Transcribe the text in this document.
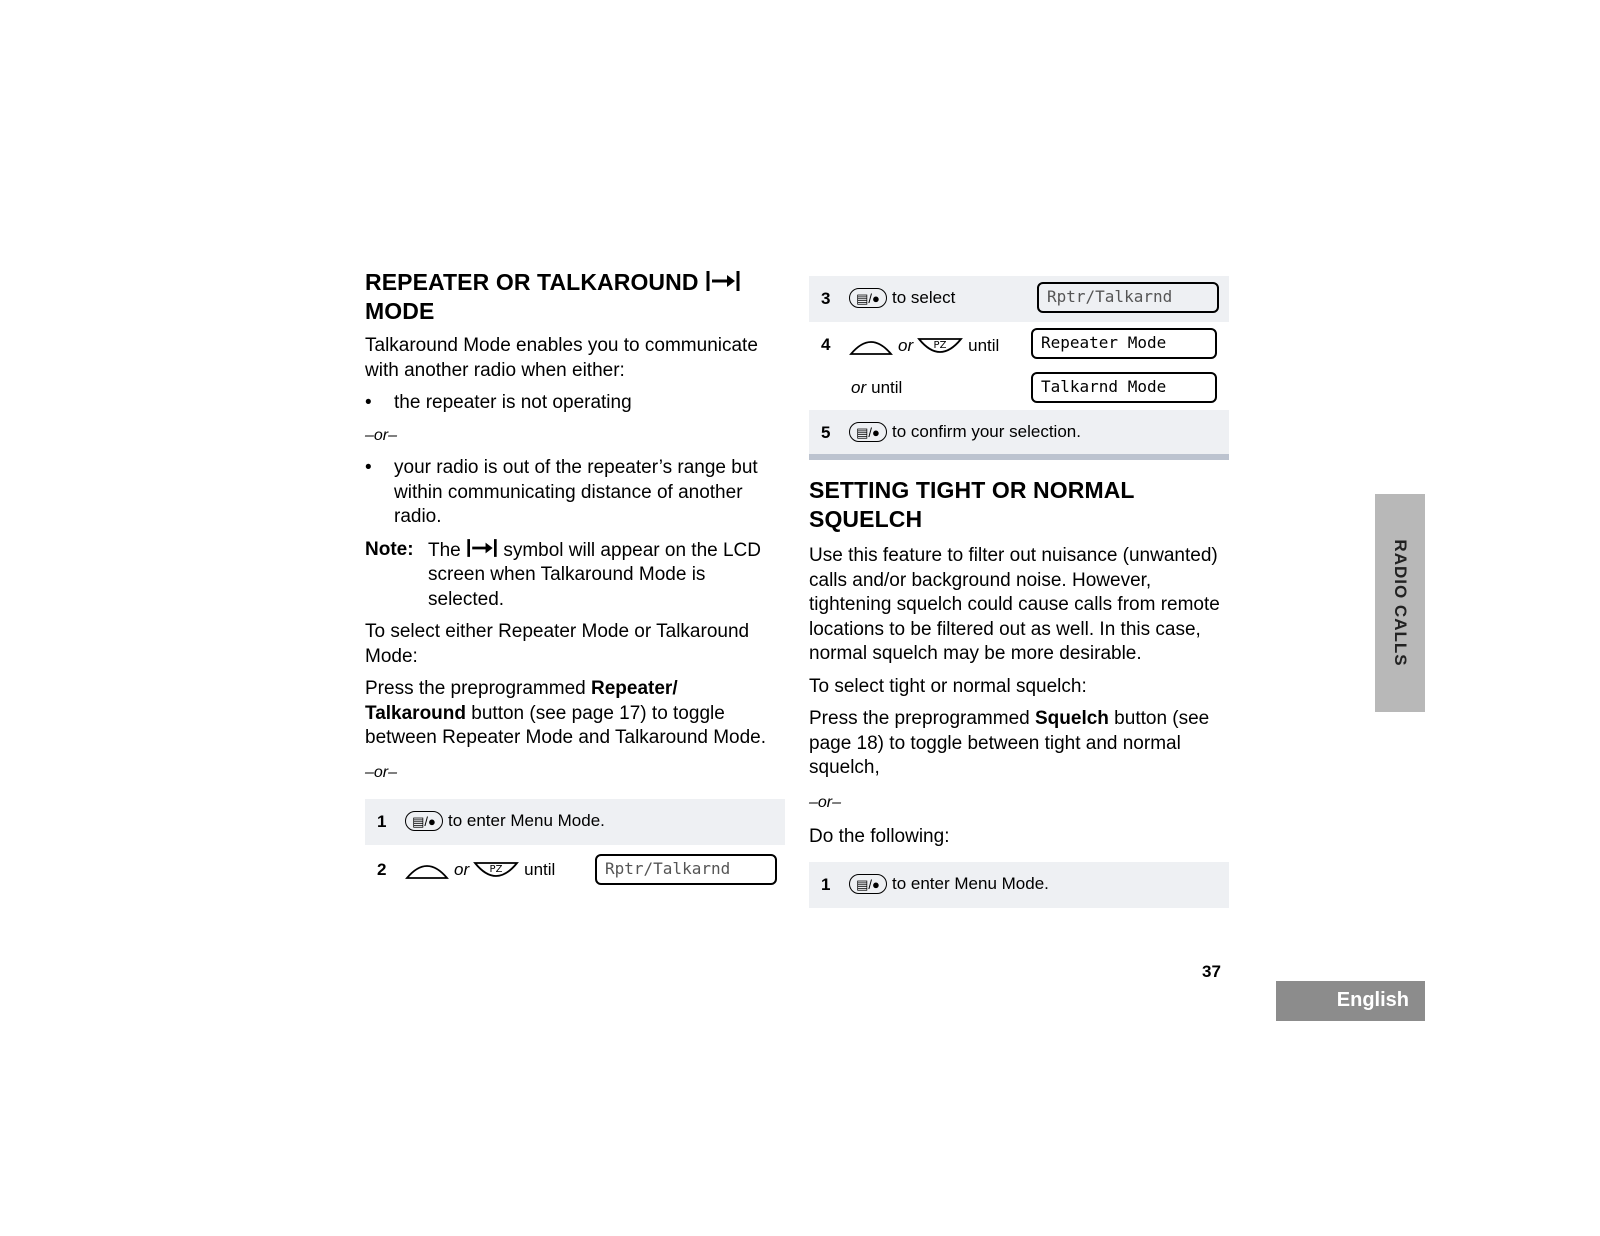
REPEATER OR TALKAROUND
MODE

Talkaround Mode enables you to communicate with another radio when either:

• the repeater is not operating

–or–

• your radio is out of the repeater’s range but within communicating distance of another radio.
Note: The symbol will appear on the LCD screen when Talkaround Mode is selected.

To select either Repeater Mode or Talkaround Mode:

Press the preprogrammed Repeater/
Talkaround button (see page 17) to toggle between Repeater Mode and Talkaround Mode.

–or–

1	▤/● to enter Menu Mode.
2	or PZ until	Rptr/Talkarnd
3	▤/● to select	Rptr/Talkarnd
4	or PZ until	Repeater Mode
or until	Talkarnd Mode
5	▤/● to confirm your selection.
SETTING TIGHT OR NORMAL
SQUELCH

Use this feature to filter out nuisance (unwanted) calls and/or background noise. However, tightening squelch could cause calls from remote locations to be filtered out as well. In this case, normal squelch may be more desirable.

To select tight or normal squelch:

Press the preprogrammed Squelch button (see page 18) to toggle between tight and normal squelch,

–or–

Do the following:

1	▤/● to enter Menu Mode.
RADIO CALLS
37
English
